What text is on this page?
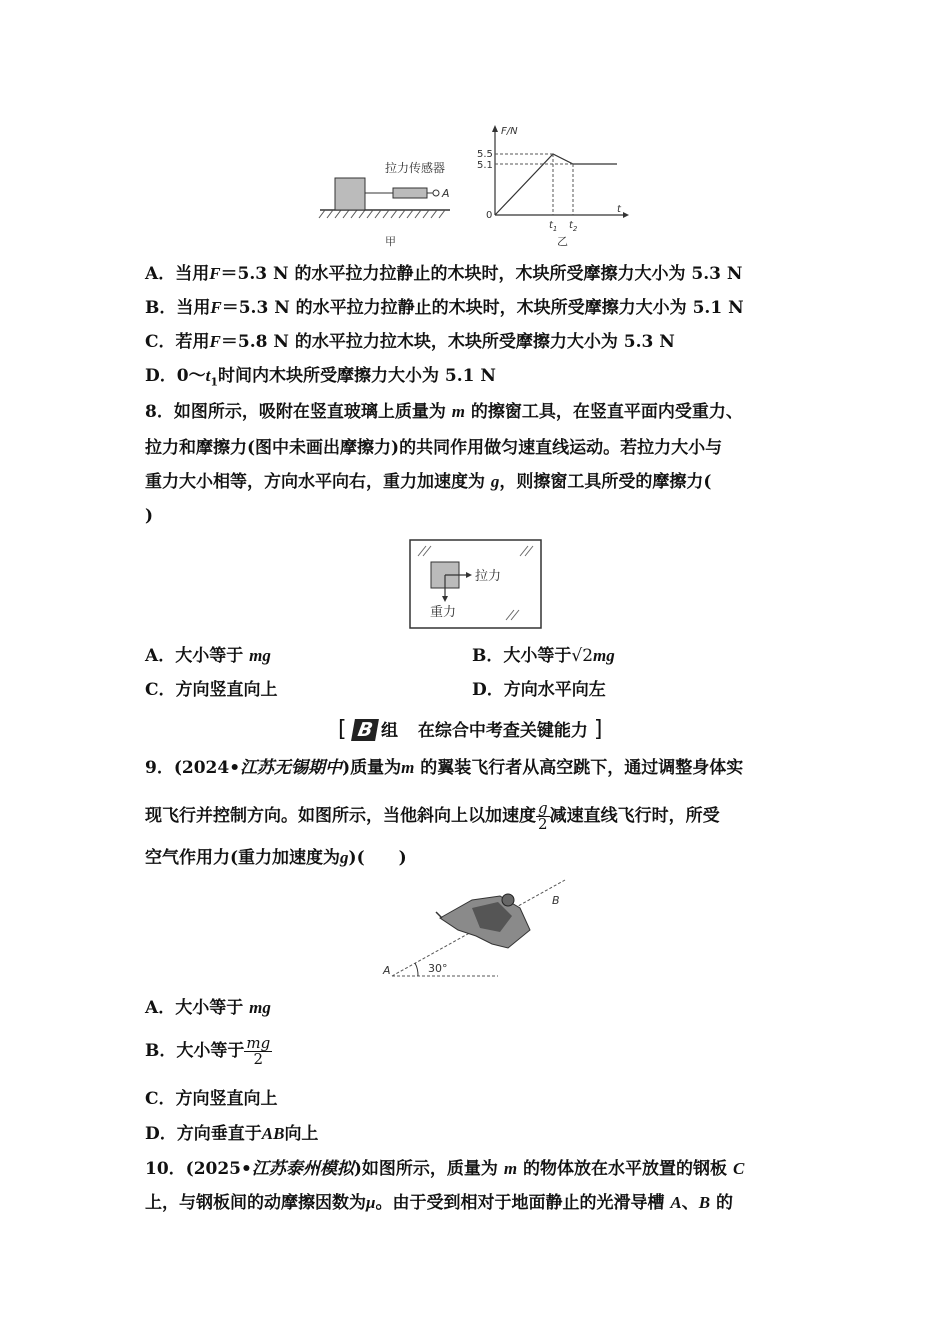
拉力传感器
A
甲
F/N
5.5
5.1
0
t
$t_1$ $t_2$
乙
A．当用F＝5.3 N 的水平拉力拉静止的木块时，木块所受摩擦力大小为 5.3 N
B．当用F＝5.3 N 的水平拉力拉静止的木块时，木块所受摩擦力大小为 5.1 N
C．若用F＝5.8 N 的水平拉力拉木块，木块所受摩擦力大小为 5.3 N
D．$0\sim t_1$时间内木块所受摩擦力大小为 5.1 N
8．如图所示，吸附在竖直玻璃上质量为 m 的擦窗工具，在竖直平面内受重力、
拉力和摩擦力(图中未画出摩擦力)的共同作用做匀速直线运动。若拉力大小与
重力大小相等，方向水平向右，重力加速度为 g，则擦窗工具所受的摩擦力(
)
拉力
重力
A．大小等于 mg	B．大小等于√2mg
C．方向竖直向上	D．方向水平向左
[ B 组 在综合中考查关键能力 ]
9．(2024•江苏无锡期中)质量为m 的翼装飞行者从高空跳下，通过调整身体实
现飞行并控制方向。如图所示，当他斜向上以加速度 $\frac{g}{2}$ 减速直线飞行时，所受
空气作用力(重力加速度为g)(　　)
A
B
30°
A．大小等于 mg
B．大小等于 $\frac{mg}{2}$
C．方向竖直向上
D．方向垂直于AB向上
10．(2025•江苏泰州模拟)如图所示，质量为 m 的物体放在水平放置的钢板 C
上，与钢板间的动摩擦因数为μ。由于受到相对于地面静止的光滑导槽 A、B 的
